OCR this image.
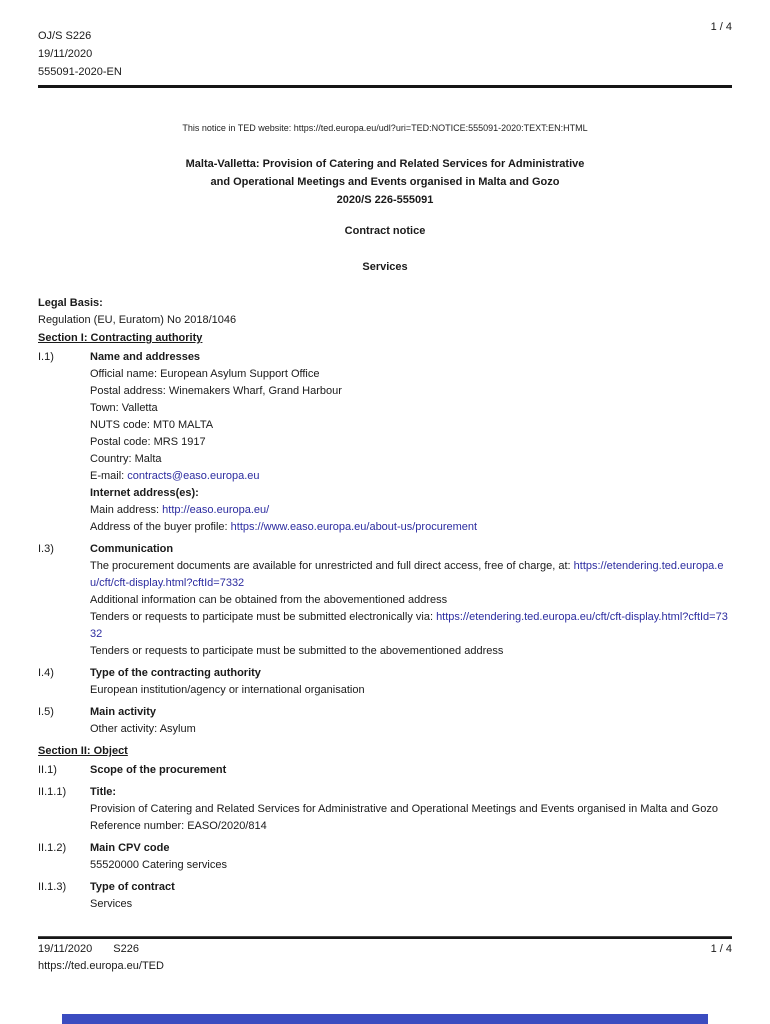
OJ/S S226
19/11/2020
555091-2020-EN
1 / 4
This notice in TED website: https://ted.europa.eu/udl?uri=TED:NOTICE:555091-2020:TEXT:EN:HTML
Malta-Valletta: Provision of Catering and Related Services for Administrative
and Operational Meetings and Events organised in Malta and Gozo
2020/S 226-555091
Contract notice
Services
Legal Basis:
Regulation (EU, Euratom) No 2018/1046
Section I: Contracting authority
I.1)	Name and addresses
Official name: European Asylum Support Office
Postal address: Winemakers Wharf, Grand Harbour
Town: Valletta
NUTS code: MT0 MALTA
Postal code: MRS 1917
Country: Malta
E-mail: contracts@easo.europa.eu
Internet address(es):
Main address: http://easo.europa.eu/
Address of the buyer profile: https://www.easo.europa.eu/about-us/procurement
I.3)	Communication
The procurement documents are available for unrestricted and full direct access, free of charge, at: https://etendering.ted.europa.eu/cft/cft-display.html?cftId=7332
Additional information can be obtained from the abovementioned address
Tenders or requests to participate must be submitted electronically via: https://etendering.ted.europa.eu/cft/cft-display.html?cftId=7332
Tenders or requests to participate must be submitted to the abovementioned address
I.4)	Type of the contracting authority
European institution/agency or international organisation
I.5)	Main activity
Other activity: Asylum
Section II: Object
II.1)	Scope of the procurement
II.1.1)	Title:
Provision of Catering and Related Services for Administrative and Operational Meetings and Events organised in Malta and Gozo
Reference number: EASO/2020/814
II.1.2)	Main CPV code
55520000 Catering services
II.1.3)	Type of contract
Services
19/11/2020 S226	1 / 4
https://ted.europa.eu/TED
